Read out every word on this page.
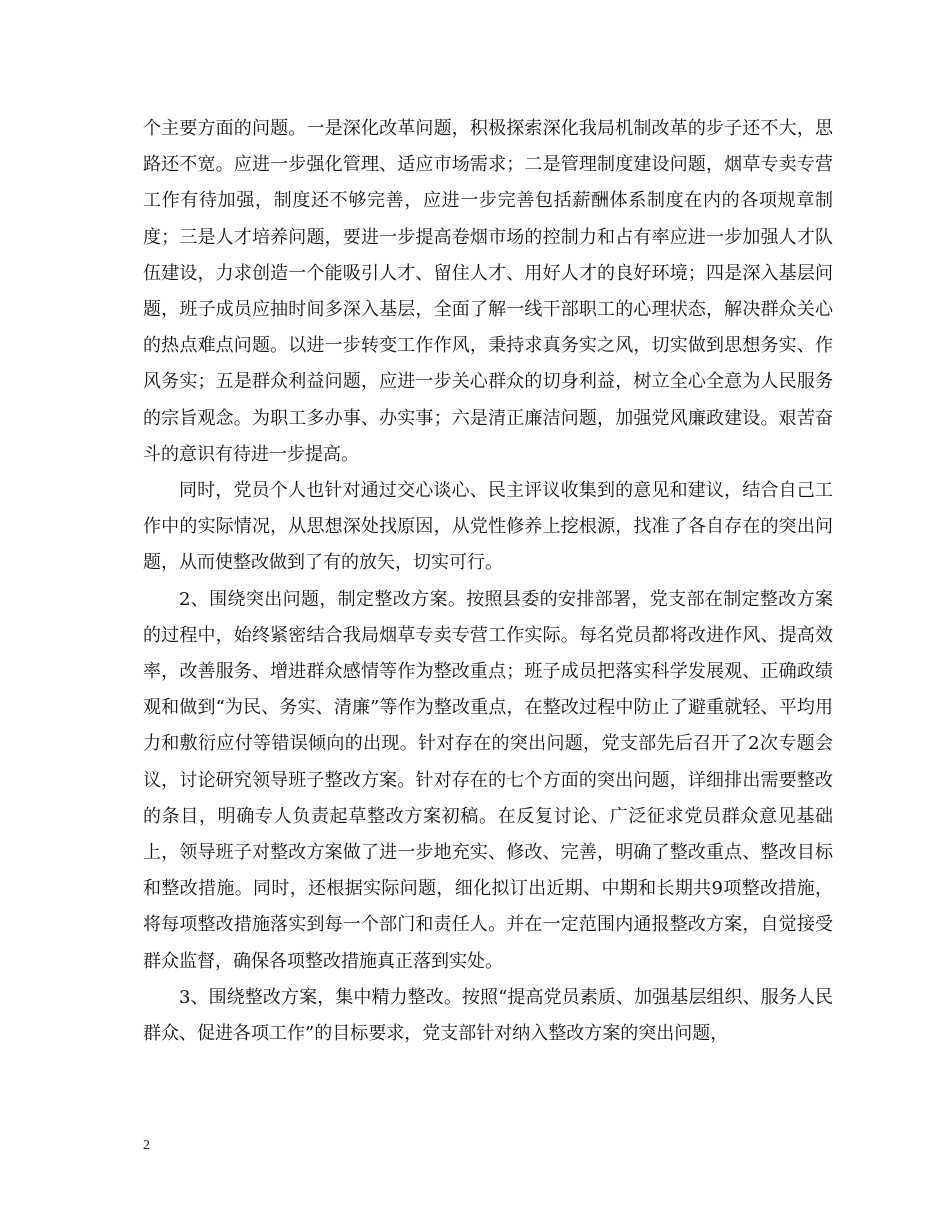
个主要方面的问题。一是深化改革问题，积极探索深化我局机制改革的步子还不大，思路还不宽。应进一步强化管理、适应市场需求；二是管理制度建设问题，烟草专卖专营工作有待加强，制度还不够完善，应进一步完善包括薪酬体系制度在内的各项规章制度；三是人才培养问题，要进一步提高卷烟市场的控制力和占有率应进一步加强人才队伍建设，力求创造一个能吸引人才、留住人才、用好人才的良好环境；四是深入基层问题，班子成员应抽时间多深入基层，全面了解一线干部职工的心理状态，解决群众关心的热点难点问题。以进一步转变工作作风，秉持求真务实之风，切实做到思想务实、作风务实；五是群众利益问题，应进一步关心群众的切身利益，树立全心全意为人民服务的宗旨观念。为职工多办事、办实事；六是清正廉洁问题，加强党风廉政建设。艰苦奋斗的意识有待进一步提高。

同时，党员个人也针对通过交心谈心、民主评议收集到的意见和建议，结合自己工作中的实际情况，从思想深处找原因，从党性修养上挖根源，找准了各自存在的突出问题，从而使整改做到了有的放矢，切实可行。

2、围绕突出问题，制定整改方案。按照县委的安排部署，党支部在制定整改方案的过程中，始终紧密结合我局烟草专卖专营工作实际。每名党员都将改进作风、提高效率，改善服务、增进群众感情等作为整改重点；班子成员把落实科学发展观、正确政绩观和做到“为民、务实、清廉”等作为整改重点，在整改过程中防止了避重就轻、平均用力和敷衍应付等错误倾向的出现。针对存在的突出问题，党支部先后召开了2次专题会议，讨论研究领导班子整改方案。针对存在的七个方面的突出问题，详细排出需要整改的条目，明确专人负责起草整改方案初稿。在反复讨论、广泛征求党员群众意见基础上，领导班子对整改方案做了进一步地充实、修改、完善，明确了整改重点、整改目标和整改措施。同时，还根据实际问题，细化拟订出近期、中期和长期共9项整改措施，将每项整改措施落实到每一个部门和责任人。并在一定范围内通报整改方案，自觉接受群众监督，确保各项整改措施真正落到实处。

3、围绕整改方案，集中精力整改。按照“提高党员素质、加强基层组织、服务人民群众、促进各项工作”的目标要求，党支部针对纳入整改方案的突出问题，

2
